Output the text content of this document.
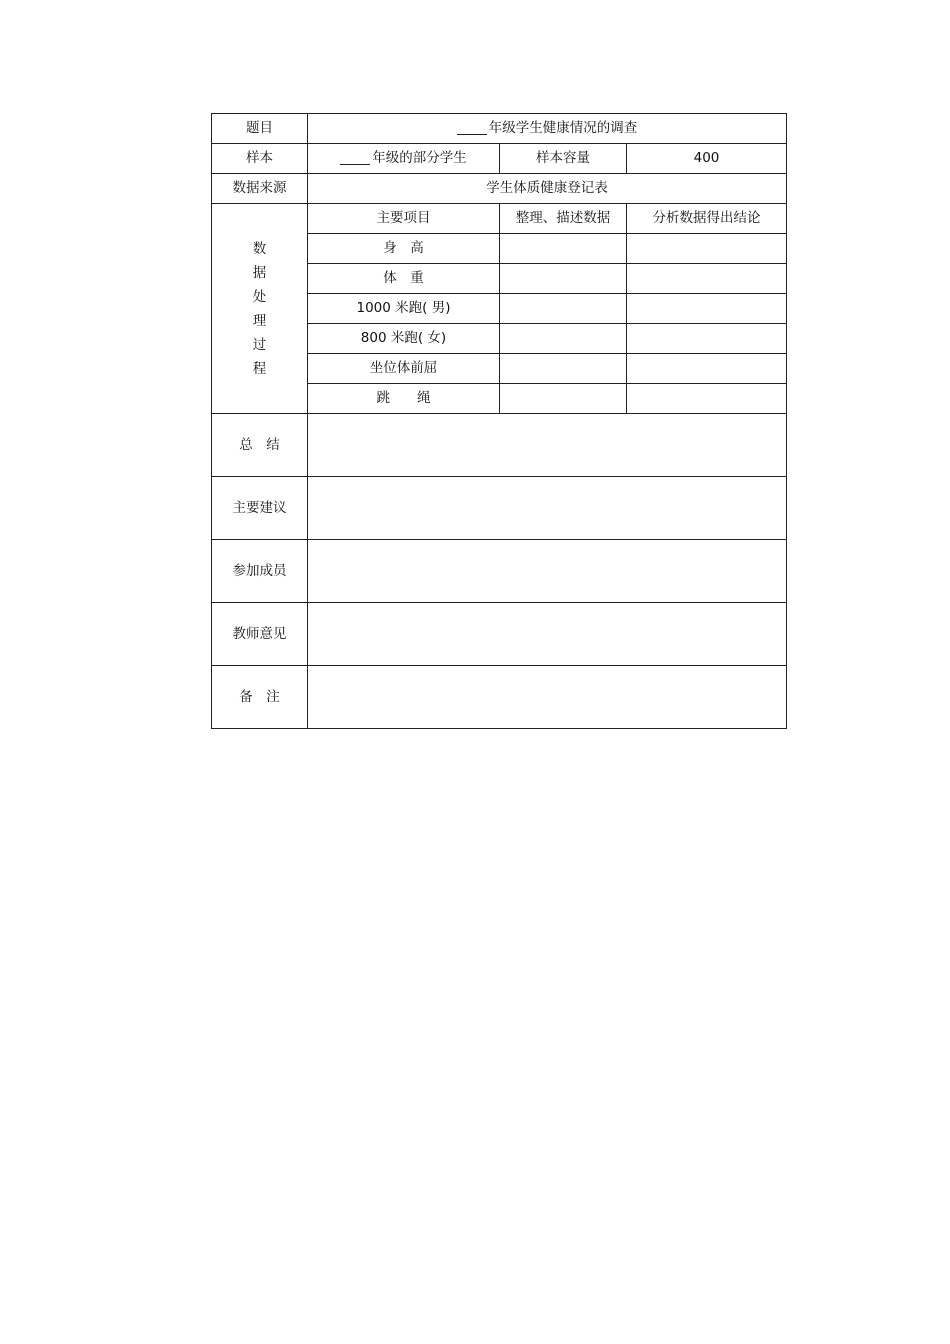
题目	年级学生健康情况的调查		
样本	年级的部分学生	样本容量	400
数据来源	学生体质健康登记表		
数据处理过程	主要项目	整理、描述数据	分析数据得出结论
	身　高		
	体　重		
	1000 米跑( 男)		
	800 米跑( 女)		
	坐位体前屈		
	跳　　绳		
总　结			
主要建议			
参加成员			
教师意见			
备　注			
